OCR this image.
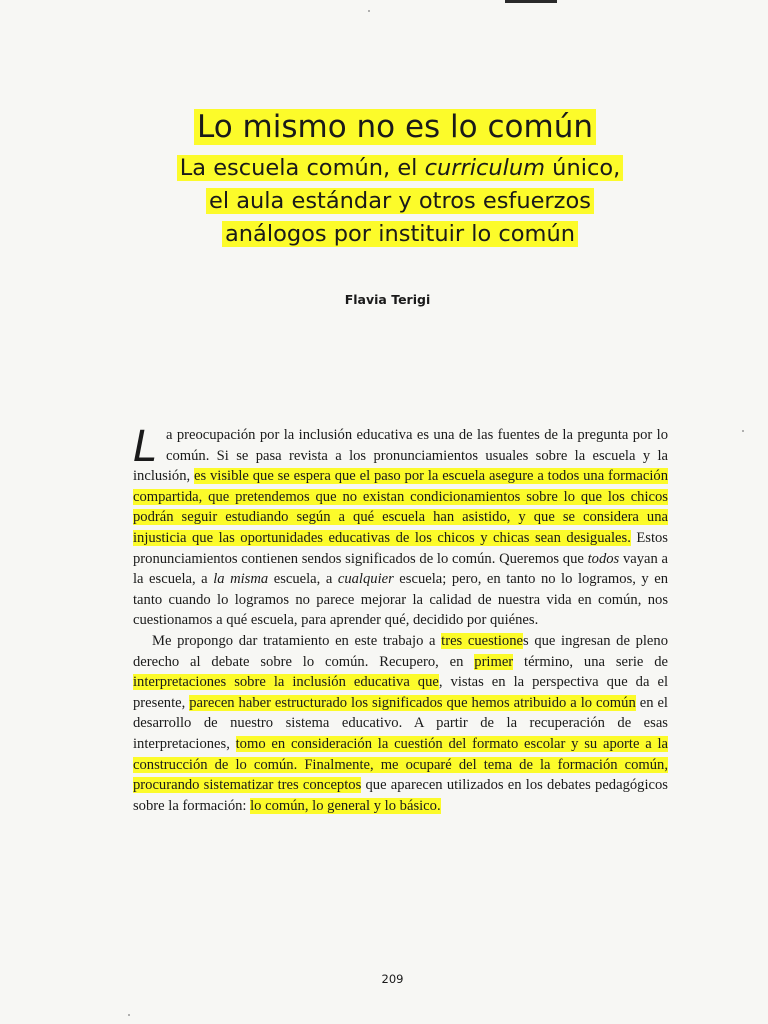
Lo mismo no es lo común
La escuela común, el curriculum único,
el aula estándar y otros esfuerzos
análogos por instituir lo común
Flavia Terigi

La preocupación por la inclusión educativa es una de las fuentes de la pregunta por lo común. Si se pasa revista a los pronunciamientos usuales sobre la escuela y la inclusión, es visible que se espera que el paso por la escuela asegure a todos una formación compartida, que pretendemos que no existan condicionamientos sobre lo que los chicos podrán seguir estudiando según a qué escuela han asistido, y que se considera una injusticia que las oportunidades educativas de los chicos y chicas sean desiguales. Estos pronunciamientos contienen sendos significados de lo común. Queremos que todos vayan a la escuela, a la misma escuela, a cualquier escuela; pero, en tanto no lo logramos, y en tanto cuando lo logramos no parece mejorar la calidad de nuestra vida en común, nos cuestionamos a qué escuela, para aprender qué, decidido por quiénes.

Me propongo dar tratamiento en este trabajo a tres cuestiones que ingresan de pleno derecho al debate sobre lo común. Recupero, en primer término, una serie de interpretaciones sobre la inclusión educativa que, vistas en la perspectiva que da el presente, parecen haber estructurado los significados que hemos atribuido a lo común en el desarrollo de nuestro sistema educativo. A partir de la recuperación de esas interpretaciones, tomo en consideración la cuestión del formato escolar y su aporte a la construcción de lo común. Finalmente, me ocuparé del tema de la formación común, procurando sistematizar tres conceptos que aparecen utilizados en los debates pedagógicos sobre la formación: lo común, lo general y lo básico.

209
